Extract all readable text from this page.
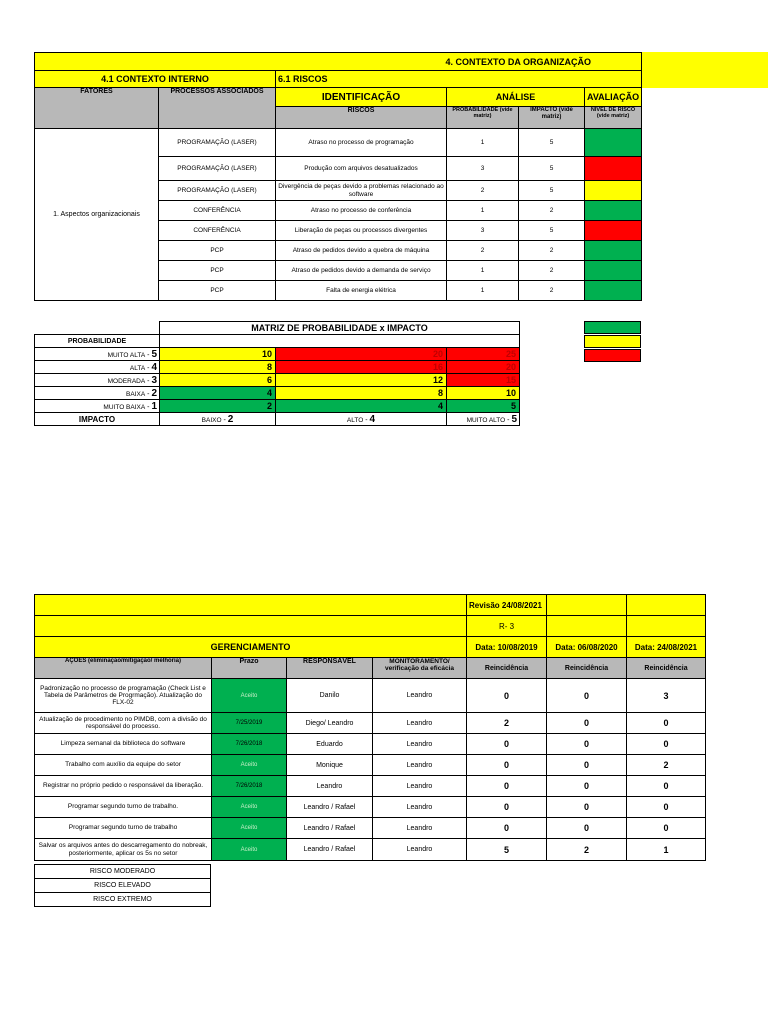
4. CONTEXTO DA ORGANIZAÇÃO					
4.1 CONTEXTO INTERNO		6.1 RISCOS			
FATORES	PROCESSOS ASSOCIADOS	IDENTIFICAÇÃO	ANÁLISE		AVALIAÇÃO
		RISCOS	PROBABILIDADE (vide matriz)	IMPACTO (vide matriz)	NÍVEL DE RISCO (vide matriz)
1. Aspectos organizacionais	PROGRAMAÇÃO (LASER)	Atraso no processo de programação	1	5	
	PROGRAMAÇÃO (LASER)	Produção com arquivos desatualizados	3	5	
	PROGRAMAÇÃO (LASER)	Divergência de peças devido a problemas relacionado ao software	2	5	
	CONFERÊNCIA	Atraso no processo de conferência	1	2	
	CONFERÊNCIA	Liberação de peças ou processos divergentes	3	5	
	PCP	Atraso de pedidos devido a quebra de máquina	2	2	
	PCP	Atraso de pedidos devido a demanda de serviço	1	2	
	PCP	Falta de energia elétrica	1	2	
	MATRIZ DE PROBABILIDADE x IMPACTO		
PROBABILIDADE			
MUITO ALTA - 5	10	20	25
ALTA - 4	8	16	20
MODERADA - 3	6	12	15
BAIXA - 2	4	8	10
MUITO BAIXA - 1	2	4	5
IMPACTO	BAIXO - 2	ALTO - 4	MUITO ALTO - 5
				Revisão 24/08/2021		
				R- 3		
GERENCIAMENTO				Data: 10/08/2019	Data: 06/08/2020	Data: 24/08/2021
AÇÕES (eliminação/mitigação/ melhoria)	Prazo	RESPONSÁVEL	MONITORAMENTO/ verificação da eficácia	Reincidência	Reincidência	Reincidência
Padronização no processo de programação (Check List e Tabela de Parâmetros de Progrmação). Atualização do FLX-02	Aceito	Danilo	Leandro	0	0	3
Atualização de procedimento no PIMDB, com a divisão do responsável do processo.	7/25/2019	Diego/ Leandro	Leandro	2	0	0
Limpeza semanal da biblioteca do software	7/26/2018	Eduardo	Leandro	0	0	0
Trabalho com auxílio da equipe do setor	Aceito	Monique	Leandro	0	0	2
Registrar no próprio pedido o responsável da liberação.	7/26/2018	Leandro	Leandro	0	0	0
Programar segundo turno de trabalho.	Aceito	Leandro / Rafael	Leandro	0	0	0
Programar segundo turno de trabalho	Aceito	Leandro / Rafael	Leandro	0	0	0
Salvar os arquivos antes do descarregamento do nobreak, posteriormente, aplicar os 5s no setor	Aceito	Leandro / Rafael	Leandro	5	2	1
RISCO MODERADO
RISCO ELEVADO
RISCO EXTREMO
